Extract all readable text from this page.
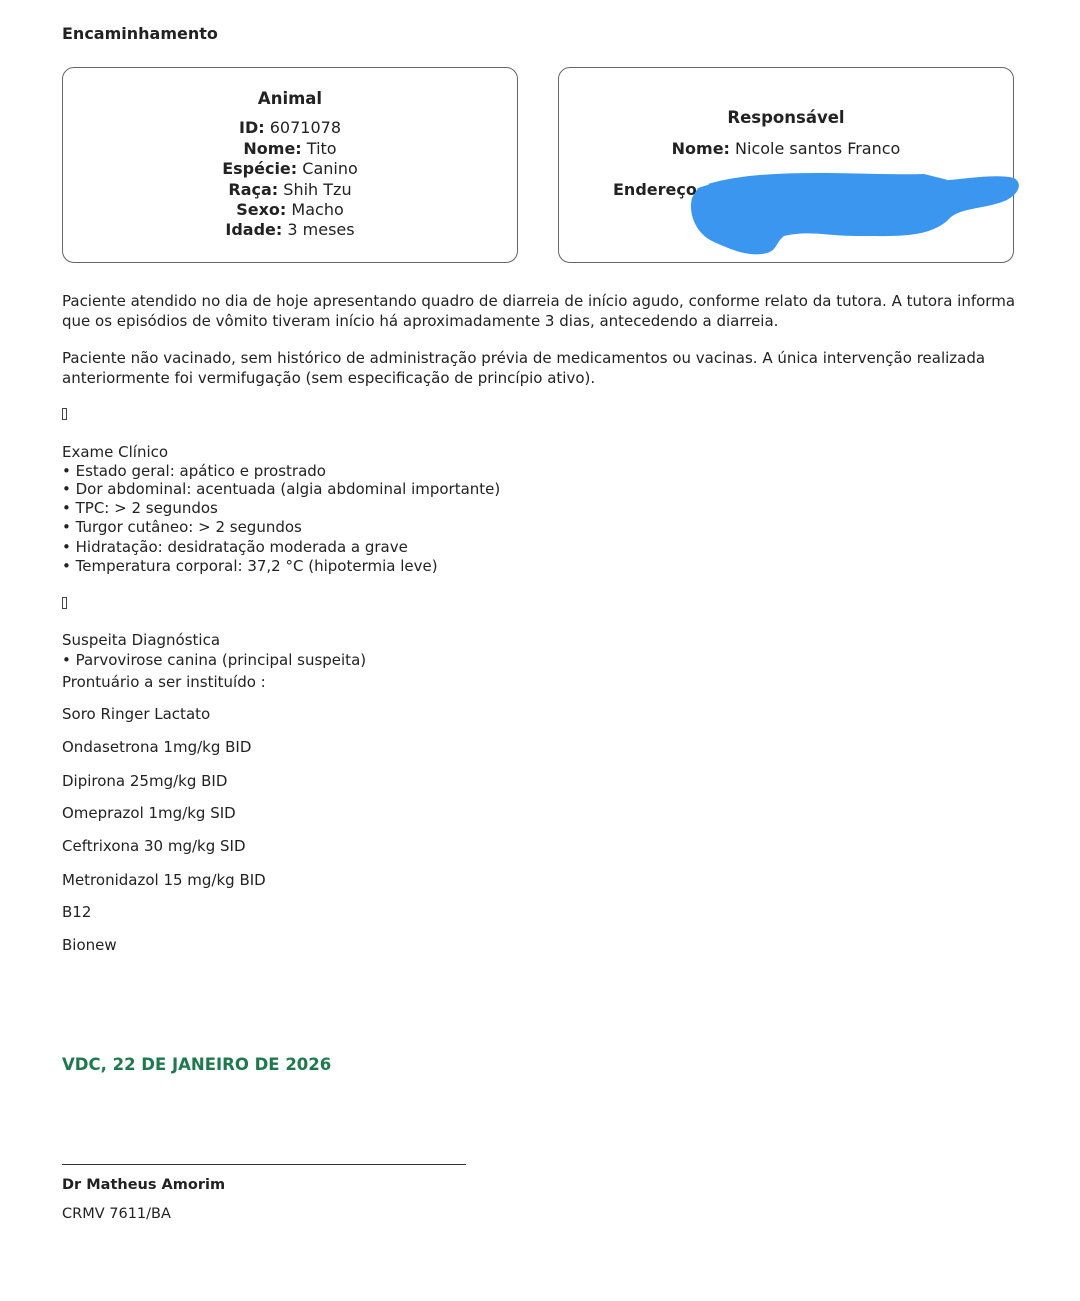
Encaminhamento
Animal
ID: 6071078
Nome: Tito
Espécie: Canino
Raça: Shih Tzu
Sexo: Macho
Idade: 3 meses
Responsável
Nome: Nicole santos Franco
Endereço
Paciente atendido no dia de hoje apresentando quadro de diarreia de início agudo, conforme relato da tutora. A tutora informa que os episódios de vômito tiveram início há aproximadamente 3 dias, antecedendo a diarreia.
Paciente não vacinado, sem histórico de administração prévia de medicamentos ou vacinas. A única intervenção realizada anteriormente foi vermifugação (sem especificação de princípio ativo).
Exame Clínico
• Estado geral: apático e prostrado
• Dor abdominal: acentuada (algia abdominal importante)
• TPC: > 2 segundos
• Turgor cutâneo: > 2 segundos
• Hidratação: desidratação moderada a grave
• Temperatura corporal: 37,2 °C (hipotermia leve)
Suspeita Diagnóstica
• Parvovirose canina (principal suspeita)
Prontuário a ser instituído :
Soro Ringer Lactato
Ondasetrona 1mg/kg BID
Dipirona 25mg/kg BID
Omeprazol 1mg/kg SID
Ceftrixona 30 mg/kg SID
Metronidazol 15 mg/kg BID
B12
Bionew
VDC, 22 DE JANEIRO DE 2026
Dr Matheus Amorim
CRMV 7611/BA
